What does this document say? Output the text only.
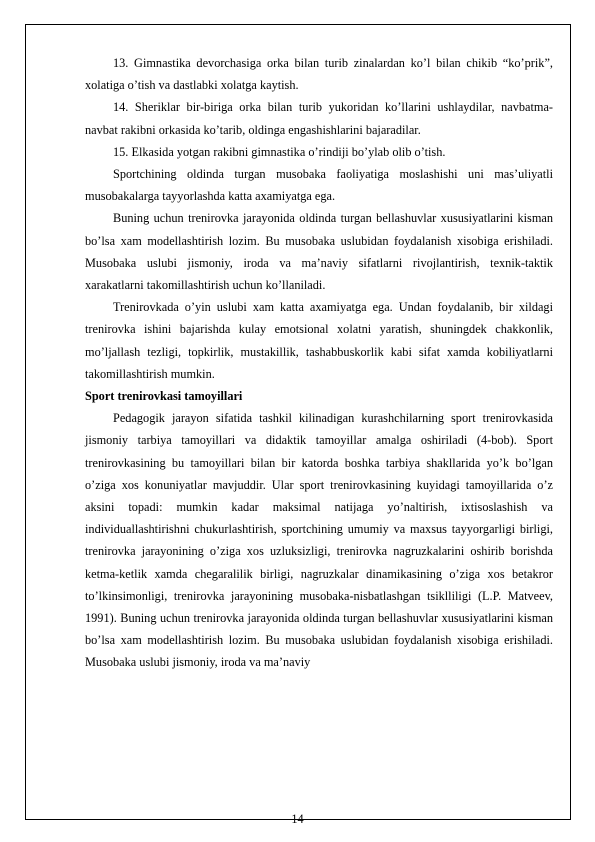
13. Gimnastika devorchasiga orka bilan turib zinalardan ko’l bilan chikib “ko’prik”, xolatiga o’tish va dastlabki xolatga kaytish.

14. Sheriklar bir-biriga orka bilan turib yukoridan ko’llarini ushlaydilar, navbatma-navbat rakibni orkasida ko’tarib, oldinga engashishlarini bajaradilar.

15. Elkasida yotgan rakibni gimnastika o’rindiji bo’ylab olib o’tish.

Sportchining oldinda turgan musobaka faoliyatiga moslashishi uni mas’uliyatli musobakalarga tayyorlashda katta axamiyatga ega.

Buning uchun trenirovka jarayonida oldinda turgan bellashuvlar xususiyatlarini kisman bo’lsa xam modellashtirish lozim. Bu musobaka uslubidan foydalanish xisobiga erishiladi. Musobaka uslubi jismoniy, iroda va ma’naviy sifatlarni rivojlantirish, texnik-taktik xarakatlarni takomillashtirish uchun ko’llaniladi.

Trenirovkada o’yin uslubi xam katta axamiyatga ega. Undan foydalanib, bir xildagi trenirovka ishini bajarishda kulay emotsional xolatni yaratish, shuningdek chakkonlik, mo’ljallash tezligi, topkirlik, mustakillik, tashabbuskorlik kabi sifat xamda kobiliyatlarni takomillashtirish mumkin.

Sport trenirovkasi tamoyillari

Pedagogik jarayon sifatida tashkil kilinadigan kurashchilarning sport trenirovkasida jismoniy tarbiya tamoyillari va didaktik tamoyillar amalga oshiriladi (4-bob). Sport trenirovkasining bu tamoyillari bilan bir katorda boshka tarbiya shakllarida yo’k bo’lgan o’ziga xos konuniyatlar mavjuddir. Ular sport trenirovkasining kuyidagi tamoyillarida o’z aksini topadi: mumkin kadar maksimal natijaga yo’naltirish, ixtisoslashish va individuallashtirishni chukurlashtirish, sportchining umumiy va maxsus tayyorgarligi birligi, trenirovka jarayonining o’ziga xos uzluksizligi, trenirovka nagruzkalarini oshirib borishda ketma-ketlik xamda chegaralilik birligi, nagruzkalar dinamikasining o’ziga xos betakror to’lkinsimonligi, trenirovka jarayonining musobaka-nisbatlashgan tsiklliligi (L.P. Matveev, 1991). Buning uchun trenirovka jarayonida oldinda turgan bellashuvlar xususiyatlarini kisman bo’lsa xam modellashtirish lozim. Bu musobaka uslubidan foydalanish xisobiga erishiladi. Musobaka uslubi jismoniy, iroda va ma’naviy

14
